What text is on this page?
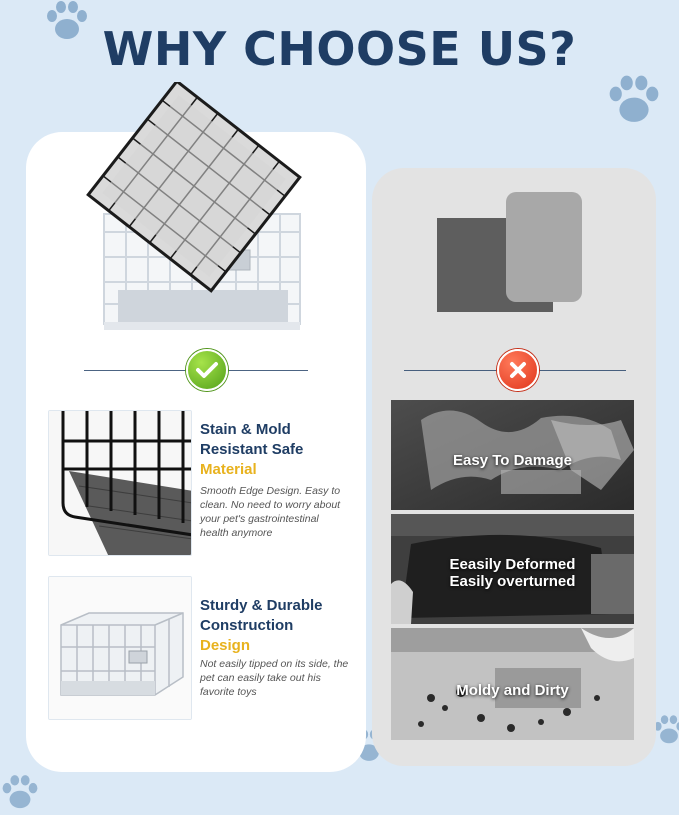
WHY CHOOSE US?
Stain & Mold
Resistant Safe
Material
Smooth Edge Design. Easy to
clean. No need to worry about
your pet's gastrointestinal
health anymore
Sturdy & Durable
Construction
Design
Not easily tipped on its side, the
pet can easily take out his
favorite toys
Easy To Damage
Eeasily Deformed
Easily overturned
Moldy and Dirty
